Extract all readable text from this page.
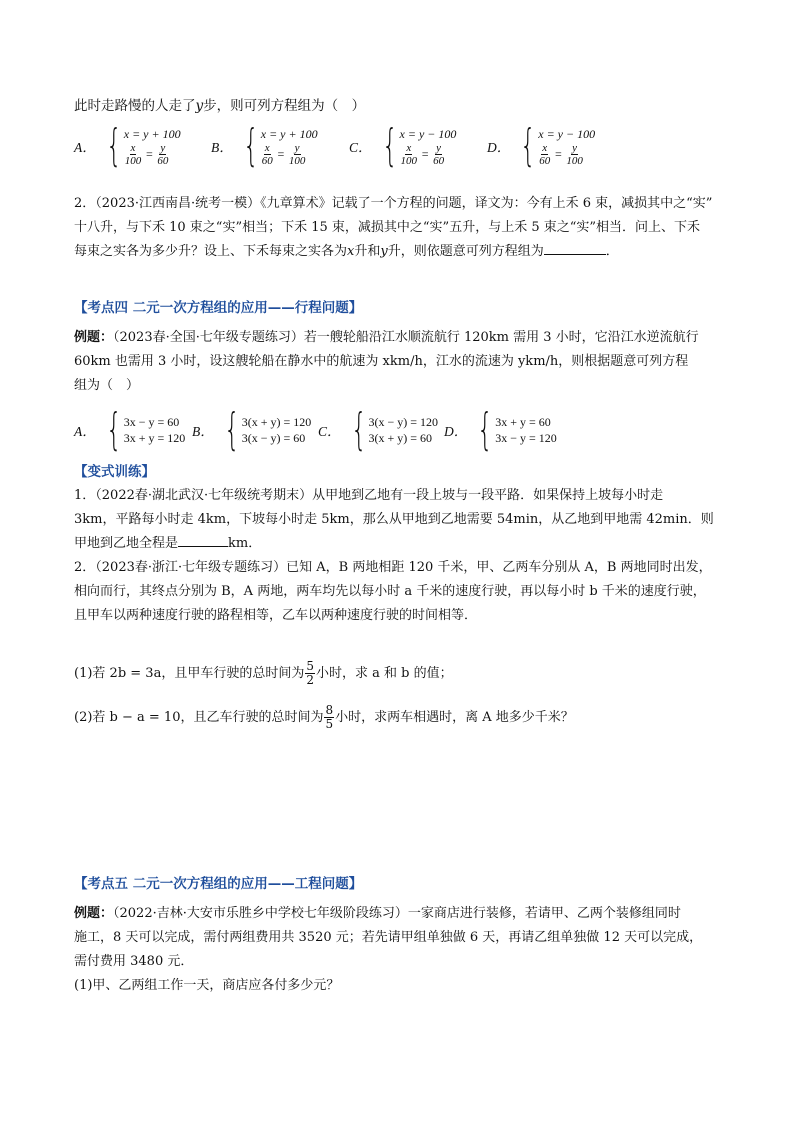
此时走路慢的人走了y步，则可列方程组为（　）
A． { x = y + 100
$\frac{x}{100} = \frac{y}{60}$	B． { x = y + 100
$\frac{x}{60} = \frac{y}{100}$	C． { x = y − 100
$\frac{x}{100} = \frac{y}{60}$	D． { x = y − 100
$\frac{x}{60} = \frac{y}{100}$
2．（2023·江西南昌·统考一模）《九章算术》记载了一个方程的问题，译文为：今有上禾 6 束，减损其中之“实”
十八升，与下禾 10 束之“实”相当；下禾 15 束，减损其中之“实”五升，与上禾 5 束之“实”相当．问上、下禾
每束之实各为多少升？设上、下禾每束之实各为x升和y升，则依题意可列方程组为	．
【考点四 二元一次方程组的应用——行程问题】
例题：（2023春·全国·七年级专题练习）若一艘轮船沿江水顺流航行 120km 需用 3 小时，它沿江水逆流航行
60km 也需用 3 小时，设这艘轮船在静水中的航速为 xkm/h，江水的流速为 ykm/h，则根据题意可列方程
组为（　）
A． { 3x − y = 60
3x + y = 120 B． { 3(x + y) = 120
3(x − y) = 60 C． { 3(x − y) = 120
3(x + y) = 60 D． { 3x + y = 60
3x − y = 120
【变式训练】
1．（2022春·湖北武汉·七年级统考期末）从甲地到乙地有一段上坡与一段平路．如果保持上坡每小时走
3km，平路每小时走 4km，下坡每小时走 5km，那么从甲地到乙地需要 54min，从乙地到甲地需 42min．则
甲地到乙地全程是	km．
2．（2023春·浙江·七年级专题练习）已知 A，B 两地相距 120 千米，甲、乙两车分别从 A，B 两地同时出发，
相向而行，其终点分别为 B，A 两地，两车均先以每小时 a 千米的速度行驶，再以每小时 b 千米的速度行驶，
且甲车以两种速度行驶的路程相等，乙车以两种速度行驶的时间相等．
(1)若 2b = 3a，且甲车行驶的总时间为 $\frac{5}{2}$ 小时，求 a 和 b 的值；
(2)若 b − a = 10，且乙车行驶的总时间为 $\frac{8}{5}$ 小时，求两车相遇时，离 A 地多少千米？
【考点五 二元一次方程组的应用——工程问题】
例题：（2022·吉林·大安市乐胜乡中学校七年级阶段练习）一家商店进行装修，若请甲、乙两个装修组同时
施工，8 天可以完成，需付两组费用共 3520 元；若先请甲组单独做 6 天，再请乙组单独做 12 天可以完成，
需付费用 3480 元．
(1)甲、乙两组工作一天，商店应各付多少元？
